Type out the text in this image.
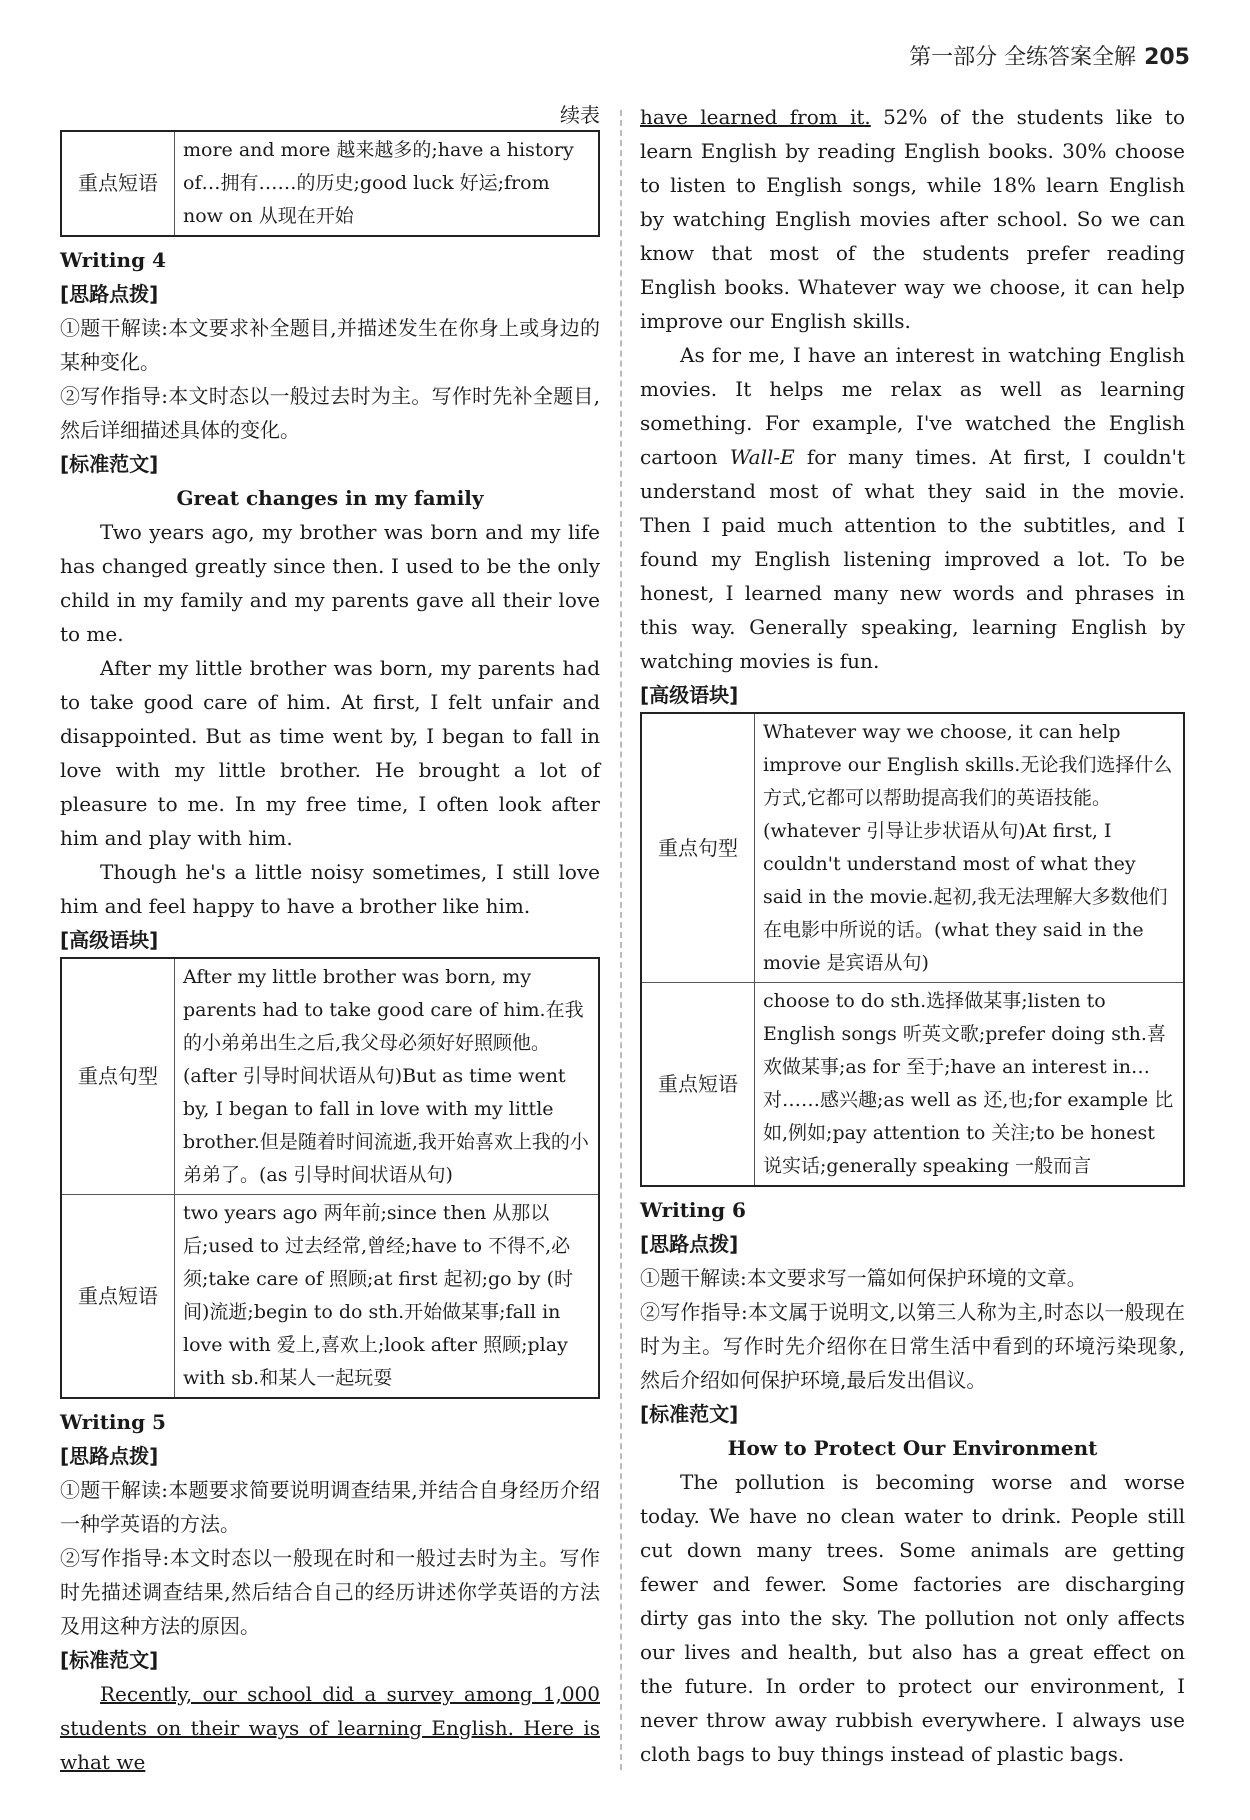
第一部分 全练答案全解 205
续表
重点短语	more and more 越来越多的;have a history of…拥有……的历史;good luck 好运;from now on 从现在开始
Writing 4
[思路点拨]

①题干解读:本文要求补全题目,并描述发生在你身上或身边的某种变化。

②写作指导:本文时态以一般过去时为主。写作时先补全题目,然后详细描述具体的变化。

[标准范文]
Great changes in my family

Two years ago, my brother was born and my life has changed greatly since then. I used to be the only child in my family and my parents gave all their love to me.

After my little brother was born, my parents had to take good care of him. At first, I felt unfair and disappointed. But as time went by, I began to fall in love with my little brother. He brought a lot of pleasure to me. In my free time, I often look after him and play with him.

Though he's a little noisy sometimes, I still love him and feel happy to have a brother like him.

[高级语块]
重点句型	After my little brother was born, my parents had to take good care of him.在我的小弟弟出生之后,我父母必须好好照顾他。(after 引导时间状语从句)But as time went by, I began to fall in love with my little brother.但是随着时间流逝,我开始喜欢上我的小弟弟了。(as 引导时间状语从句)
重点短语	two years ago 两年前;since then 从那以后;used to 过去经常,曾经;have to 不得不,必须;take care of 照顾;at first 起初;go by (时间)流逝;begin to do sth.开始做某事;fall in love with 爱上,喜欢上;look after 照顾;play with sb.和某人一起玩耍
Writing 5
[思路点拨]

①题干解读:本题要求简要说明调查结果,并结合自身经历介绍一种学英语的方法。

②写作指导:本文时态以一般现在时和一般过去时为主。写作时先描述调查结果,然后结合自己的经历讲述你学英语的方法及用这种方法的原因。

[标准范文]

Recently, our school did a survey among 1,000 students on their ways of learning English. Here is what we

have learned from it. 52% of the students like to learn English by reading English books. 30% choose to listen to English songs, while 18% learn English by watching English movies after school. So we can know that most of the students prefer reading English books. Whatever way we choose, it can help improve our English skills.

As for me, I have an interest in watching English movies. It helps me relax as well as learning something. For example, I've watched the English cartoon Wall-E for many times. At first, I couldn't understand most of what they said in the movie. Then I paid much attention to the subtitles, and I found my English listening improved a lot. To be honest, I learned many new words and phrases in this way. Generally speaking, learning English by watching movies is fun.

[高级语块]
重点句型	Whatever way we choose, it can help improve our English skills.无论我们选择什么方式,它都可以帮助提高我们的英语技能。(whatever 引导让步状语从句)At first, I couldn't understand most of what they said in the movie.起初,我无法理解大多数他们在电影中所说的话。(what they said in the movie 是宾语从句)
重点短语	choose to do sth.选择做某事;listen to English songs 听英文歌;prefer doing sth.喜欢做某事;as for 至于;have an interest in…对……感兴趣;as well as 还,也;for example 比如,例如;pay attention to 关注;to be honest 说实话;generally speaking 一般而言
Writing 6
[思路点拨]

①题干解读:本文要求写一篇如何保护环境的文章。

②写作指导:本文属于说明文,以第三人称为主,时态以一般现在时为主。写作时先介绍你在日常生活中看到的环境污染现象,然后介绍如何保护环境,最后发出倡议。

[标准范文]
How to Protect Our Environment

The pollution is becoming worse and worse today. We have no clean water to drink. People still cut down many trees. Some animals are getting fewer and fewer. Some factories are discharging dirty gas into the sky. The pollution not only affects our lives and health, but also has a great effect on the future. In order to protect our environment, I never throw away rubbish everywhere. I always use cloth bags to buy things instead of plastic bags.
